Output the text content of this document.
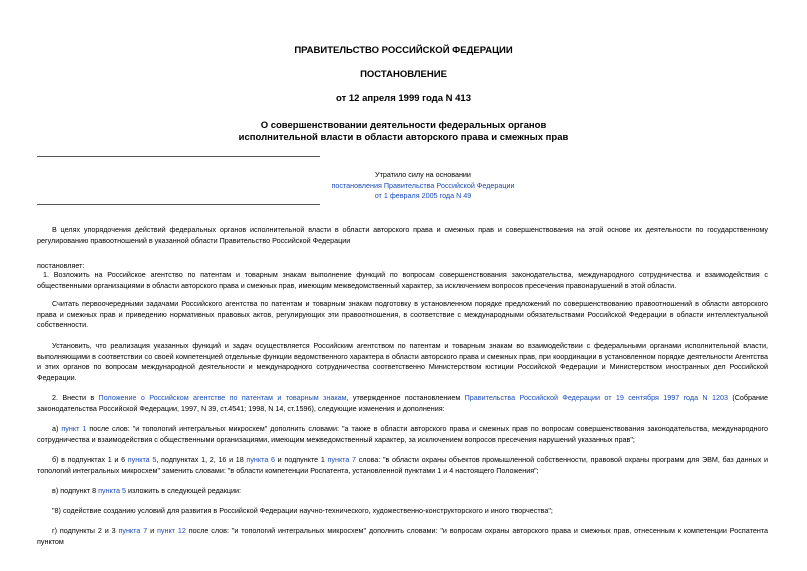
ПРАВИТЕЛЬСТВО РОССИЙСКОЙ ФЕДЕРАЦИИ
ПОСТАНОВЛЕНИЕ
от 12 апреля 1999 года N 413
О совершенствовании деятельности федеральных органов
исполнительной власти в области авторского права и смежных прав
Утратило силу на основании
постановления Правительства Российской Федерации
от 1 февраля 2005 года N 49

В целях упорядочения действий федеральных органов исполнительной власти в области авторского права и смежных прав и совершенствования на этой основе их деятельности по государственному регулированию правоотношений в указанной области Правительство Российской Федерации

постановляет:

1. Возложить на Российское агентство по патентам и товарным знакам выполнение функций по вопросам совершенствования законодательства, международного сотрудничества и взаимодействия с общественными организациями в области авторского права и смежных прав, имеющим межведомственный характер, за исключением вопросов пресечения правонарушений в этой области.

Считать первоочередными задачами Российского агентства по патентам и товарным знакам подготовку в установленном порядке предложений по совершенствованию правоотношений в области авторского права и смежных прав и приведению нормативных правовых актов, регулирующих эти правоотношения, в соответствие с международными обязательствами Российской Федерации в области интеллектуальной собственности.

Установить, что реализация указанных функций и задач осуществляется Российским агентством по патентам и товарным знакам во взаимодействии с федеральными органами исполнительной власти, выполняющими в соответствии со своей компетенцией отдельные функции ведомственного характера в области авторского права и смежных прав, при координации в установленном порядке деятельности Агентства и этих органов по вопросам международной деятельности и международного сотрудничества соответственно Министерством юстиции Российской Федерации и Министерством иностранных дел Российской Федерации.

2. Внести в Положение о Российском агентстве по патентам и товарным знакам, утвержденное постановлением Правительства Российской Федерации от 19 сентября 1997 года N 1203 (Собрание законодательства Российской Федерации, 1997, N 39, ст.4541; 1998, N 14, ст.1596), следующие изменения и дополнения:

а) пункт 1 после слов: "и топологий интегральных микросхем" дополнить словами: "а также в области авторского права и смежных прав по вопросам совершенствования законодательства, международного сотрудничества и взаимодействия с общественными организациями, имеющим межведомственный характер, за исключением вопросов пресечения нарушений указанных прав";

б) в подпунктах 1 и 6 пункта 5, подпунктах 1, 2, 16 и 18 пункта 6 и подпункте 1 пункта 7 слова: "в области охраны объектов промышленной собственности, правовой охраны программ для ЭВМ, баз данных и топологий интегральных микросхем" заменить словами: "в области компетенции Роспатента, установленной пунктами 1 и 4 настоящего Положения";

в) подпункт 8 пункта 5 изложить в следующей редакции:

"8) содействие созданию условий для развития в Российской Федерации научно-технического, художественно-конструкторского и иного творчества";

г) подпункты 2 и 3 пункта 7 и пункт 12 после слов: "и топологий интегральных микросхем" дополнить словами: "и вопросам охраны авторского права и смежных прав, отнесенным к компетенции Роспатента пунктом
